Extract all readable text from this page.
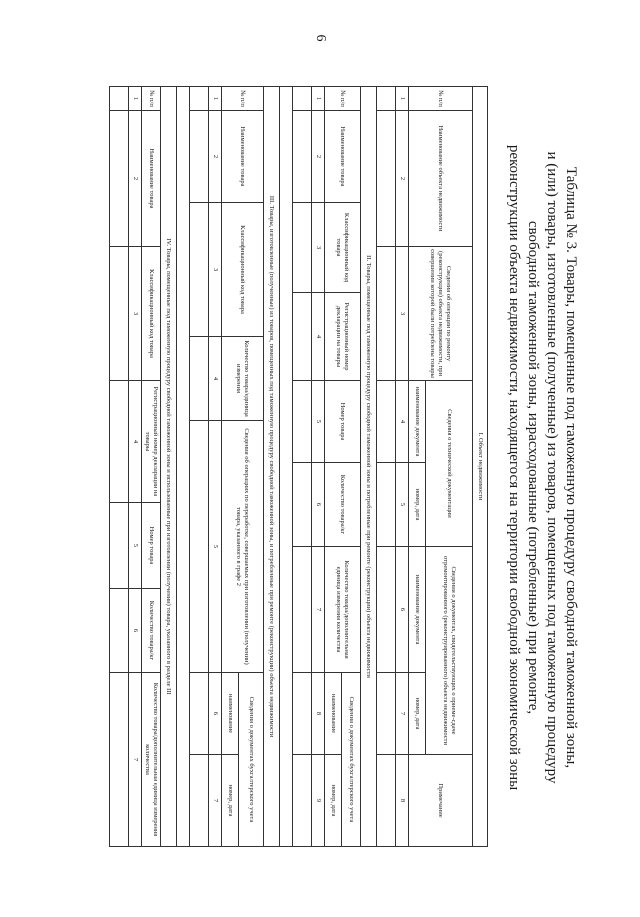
6
Таблица № 3. Товары, помещенные под таможенную процедуру свободной таможенной зоны,
и (или) товары, изготовленные (полученные) из товаров, помещенных под таможенную процедуру
свободной таможенной зоны, израсходованные (потребленные) при ремонте,
реконструкции объекта недвижимости, находящегося на территории свободной экономической зоны
I. Объект недвижимости													
№ п/п	Наименование объекта недвижимости		Сведения об операции по ремонту (реконструкции) объекта недвижимости, при совершении которой были потреблены товары			Сведения о технической документации				Сведения о документах, свидетельствующих о приеме-сдаче отремонтированного (реконструированного) объекта недвижимости			Примечание
						наименование документа		номер, дата		наименование документа		номер, дата	
1	2		3			4		5		6		7	8

II. Товары, помещенные под таможенную процедуру свободной таможенной зоны и потребленные при ремонте (реконструкции) объекта недвижимости													
№ п/п	Наименование товара	Классификационный код товара		Регистрационный номер декларации на товары		Номер товара		Количество товара/кг		Количество товара/дополнительная единица измерения количества		Сведения о документах бухгалтерского учета	
												наименование	номер, дата
1	2	3		4		5		6		7		8	9

III. Товары, изготовленные (полученные) из товаров, помещенных под таможенную процедуру свободной таможенной зоны, и потребленные при ремонте (реконструкции) объекта недвижимости													
№ п/п	Наименование товара	Классификационный код товара			Количество товара/единица измерения		Сведения об операциях по переработке, совершаемых при изготовлении (получении) товара, указанного в графе 2					Сведения о документах бухгалтерского учета	
												наименование	номер, дата
1	2	3			4		5					6	7

IV. Товары, помещенные под таможенную процедуру свободной таможенной зоны и использованные при изготовлении (получении) товара, указанного в разделе III													
№ п/п	Наименование товара		Классификационный код товара			Регистрационный номер декларации на товары			Номер товара		Количество товара/кг	Количество товара/дополнительная единица измерения количества	
1	2		3			4			5		6	7	
